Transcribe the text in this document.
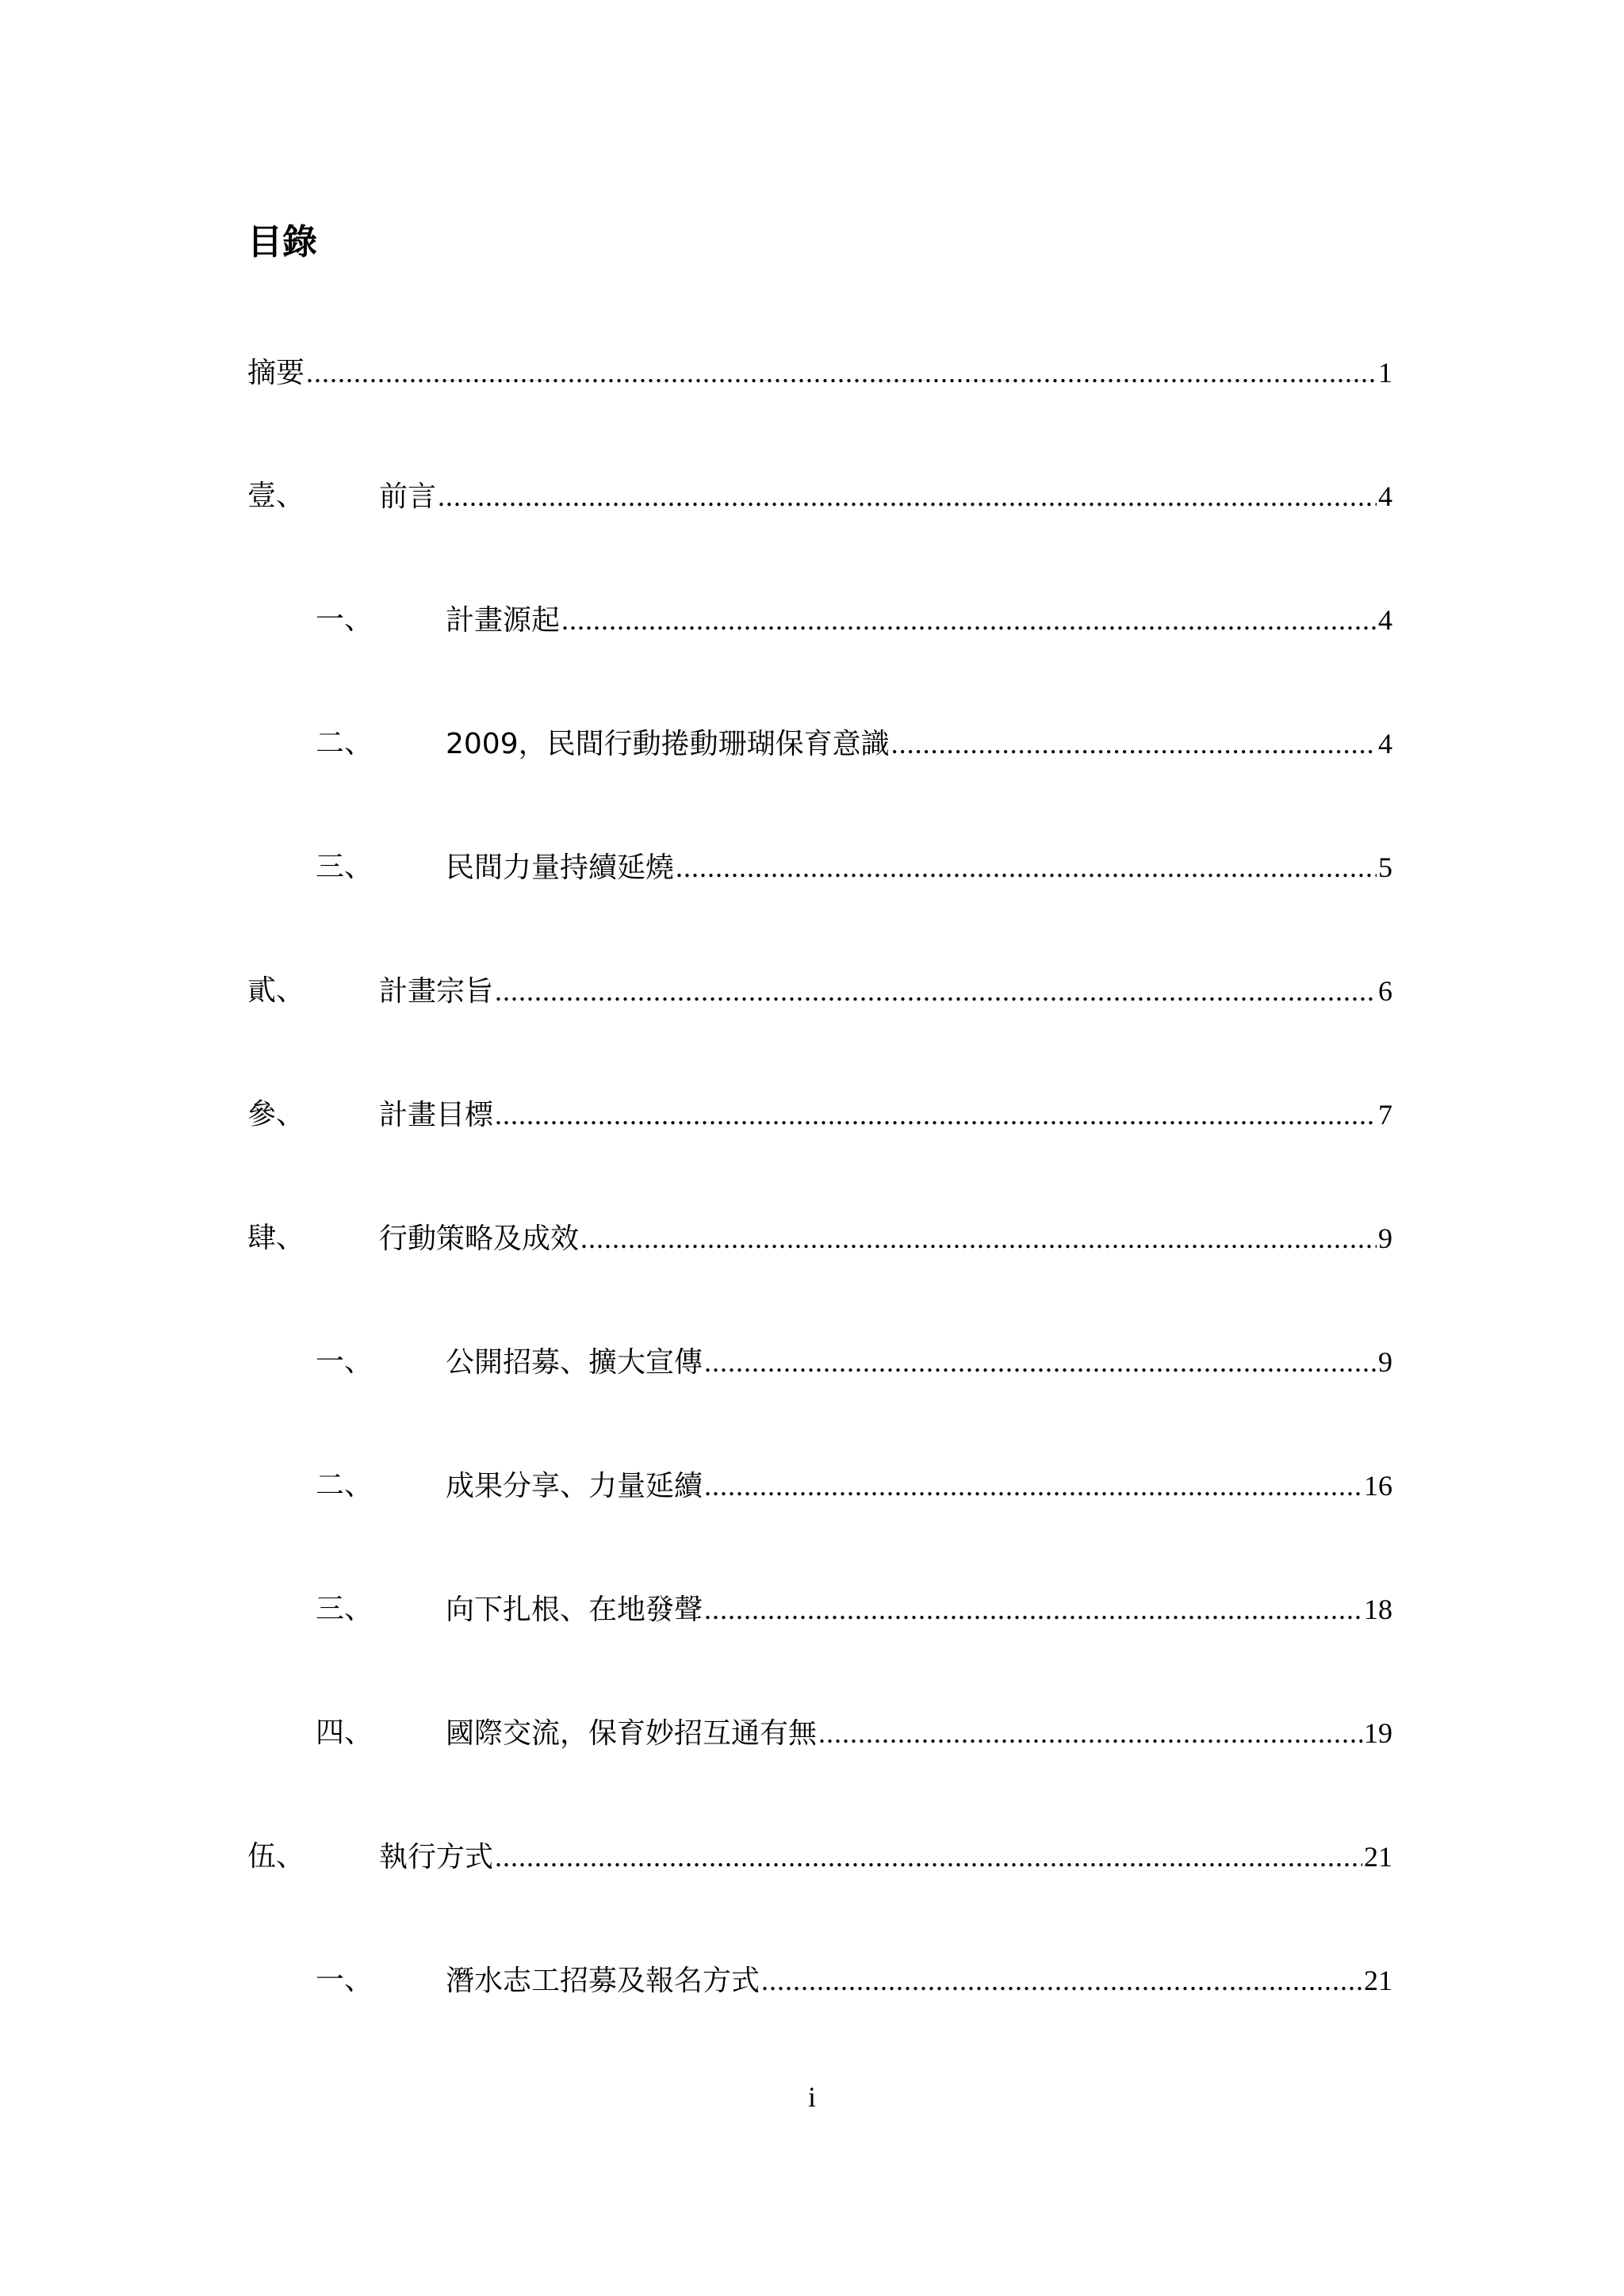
目錄
摘要 .....	1
壹、	前言 .....	4
一、	計畫源起 .....	4
二、	2009，民間行動捲動珊瑚保育意識 .....	4
三、	民間力量持續延燒 .....	5
貳、	計畫宗旨 .....	6
參、	計畫目標 .....	7
肆、	行動策略及成效 .....	9
一、	公開招募、擴大宣傳 .....	9
二、	成果分享、力量延續 .....	16
三、	向下扎根、在地發聲 .....	18
四、	國際交流，保育妙招互通有無 .....	19
伍、	執行方式 .....	21
一、	潛水志工招募及報名方式 .....	21
i
